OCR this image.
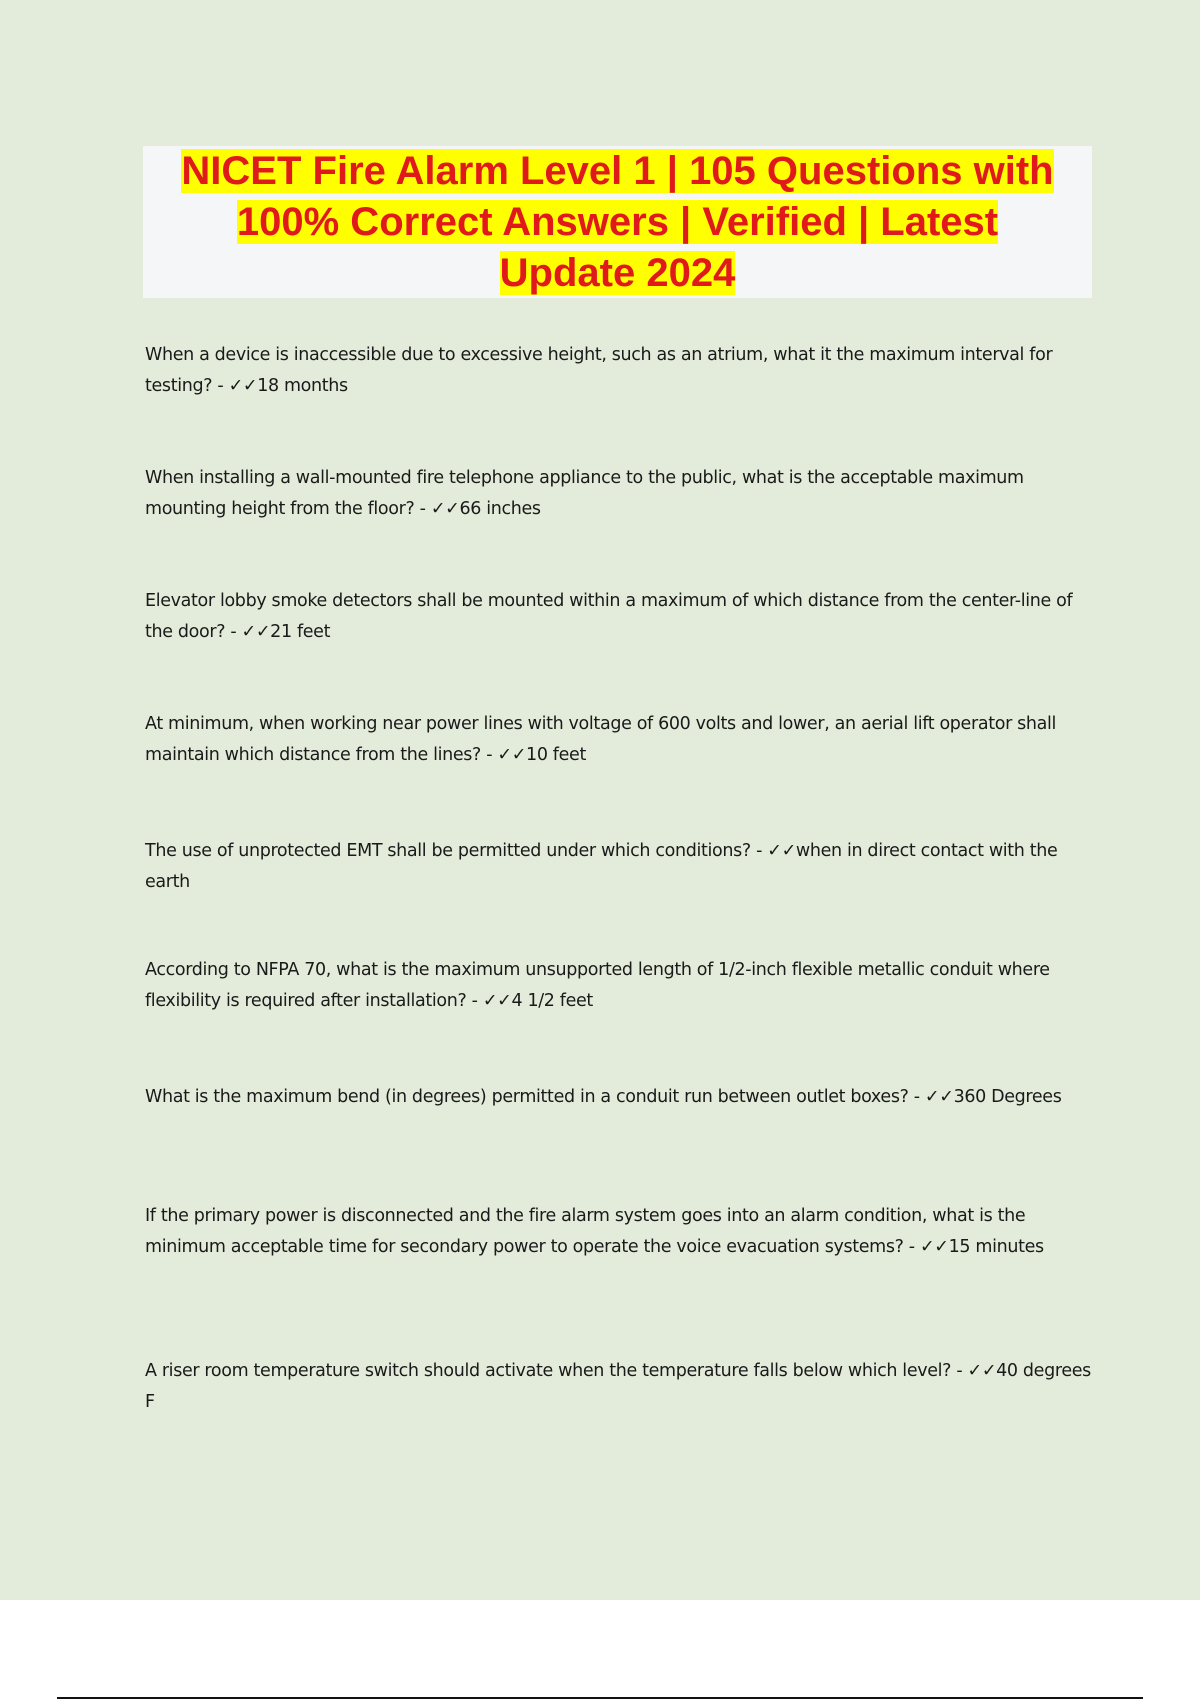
NICET Fire Alarm Level 1 | 105 Questions with 100% Correct Answers | Verified | Latest Update 2024
When a device is inaccessible due to excessive height, such as an atrium, what it the maximum interval for testing? - ✓✓18 months
When installing a wall-mounted fire telephone appliance to the public, what is the acceptable maximum mounting height from the floor? - ✓✓66 inches
Elevator lobby smoke detectors shall be mounted within a maximum of which distance from the center-line of the door? - ✓✓21 feet
At minimum, when working near power lines with voltage of 600 volts and lower, an aerial lift operator shall maintain which distance from the lines? - ✓✓10 feet
The use of unprotected EMT shall be permitted under which conditions? - ✓✓when in direct contact with the earth
According to NFPA 70, what is the maximum unsupported length of 1/2-inch flexible metallic conduit where flexibility is required after installation? - ✓✓4 1/2 feet
What is the maximum bend (in degrees) permitted in a conduit run between outlet boxes? - ✓✓360 Degrees
If the primary power is disconnected and the fire alarm system goes into an alarm condition, what is the minimum acceptable time for secondary power to operate the voice evacuation systems? - ✓✓15 minutes
A riser room temperature switch should activate when the temperature falls below which level? - ✓✓40 degrees F
